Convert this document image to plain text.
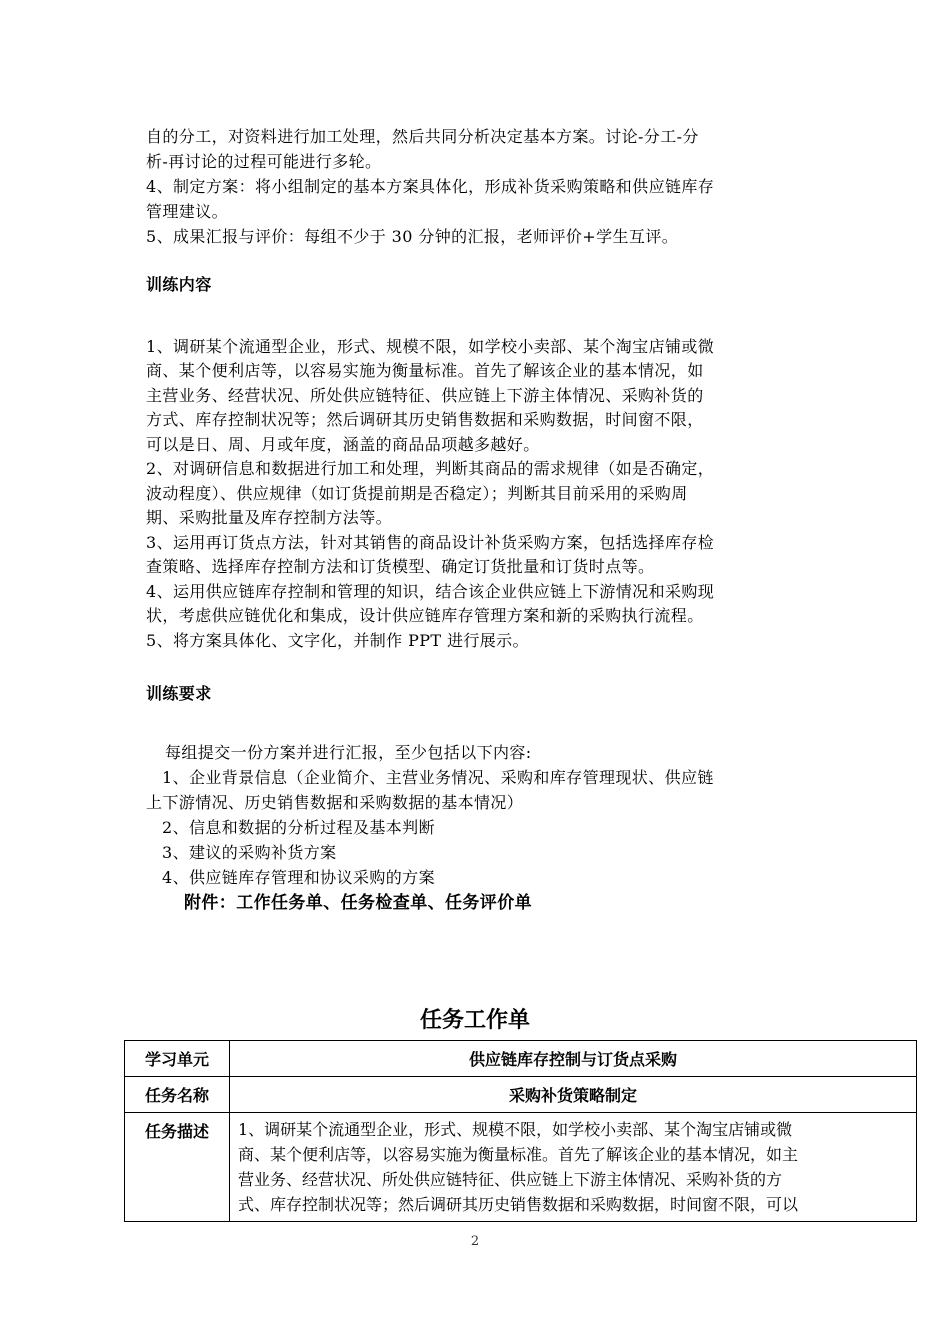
自的分工，对资料进行加工处理，然后共同分析决定基本方案。讨论-分工-分
析-再讨论的过程可能进行多轮。
4、制定方案：将小组制定的基本方案具体化，形成补货采购策略和供应链库存
管理建议。
5、成果汇报与评价：每组不少于 30 分钟的汇报，老师评价+学生互评。
训练内容
1、调研某个流通型企业，形式、规模不限，如学校小卖部、某个淘宝店铺或微
商、某个便利店等，以容易实施为衡量标准。首先了解该企业的基本情况，如
主营业务、经营状况、所处供应链特征、供应链上下游主体情况、采购补货的
方式、库存控制状况等；然后调研其历史销售数据和采购数据，时间窗不限，
可以是日、周、月或年度，涵盖的商品品项越多越好。
2、对调研信息和数据进行加工和处理，判断其商品的需求规律（如是否确定，
波动程度）、供应规律（如订货提前期是否稳定）；判断其目前采用的采购周
期、采购批量及库存控制方法等。
3、运用再订货点方法，针对其销售的商品设计补货采购方案，包括选择库存检
查策略、选择库存控制方法和订货模型、确定订货批量和订货时点等。
4、运用供应链库存控制和管理的知识，结合该企业供应链上下游情况和采购现
状，考虑供应链优化和集成，设计供应链库存管理方案和新的采购执行流程。
5、将方案具体化、文字化，并制作 PPT 进行展示。
训练要求
每组提交一份方案并进行汇报，至少包括以下内容:
1、企业背景信息（企业简介、主营业务情况、采购和库存管理现状、供应链
上下游情况、历史销售数据和采购数据的基本情况）
2、信息和数据的分析过程及基本判断
3、建议的采购补货方案
4、供应链库存管理和协议采购的方案
附件：工作任务单、任务检查单、任务评价单
任务工作单
学习单元	供应链库存控制与订货点采购
任务名称	采购补货策略制定
任务描述	1、调研某个流通型企业，形式、规模不限，如学校小卖部、某个淘宝店铺或微
商、某个便利店等，以容易实施为衡量标准。首先了解该企业的基本情况，如主
营业务、经营状况、所处供应链特征、供应链上下游主体情况、采购补货的方
式、库存控制状况等；然后调研其历史销售数据和采购数据，时间窗不限，可以
2
